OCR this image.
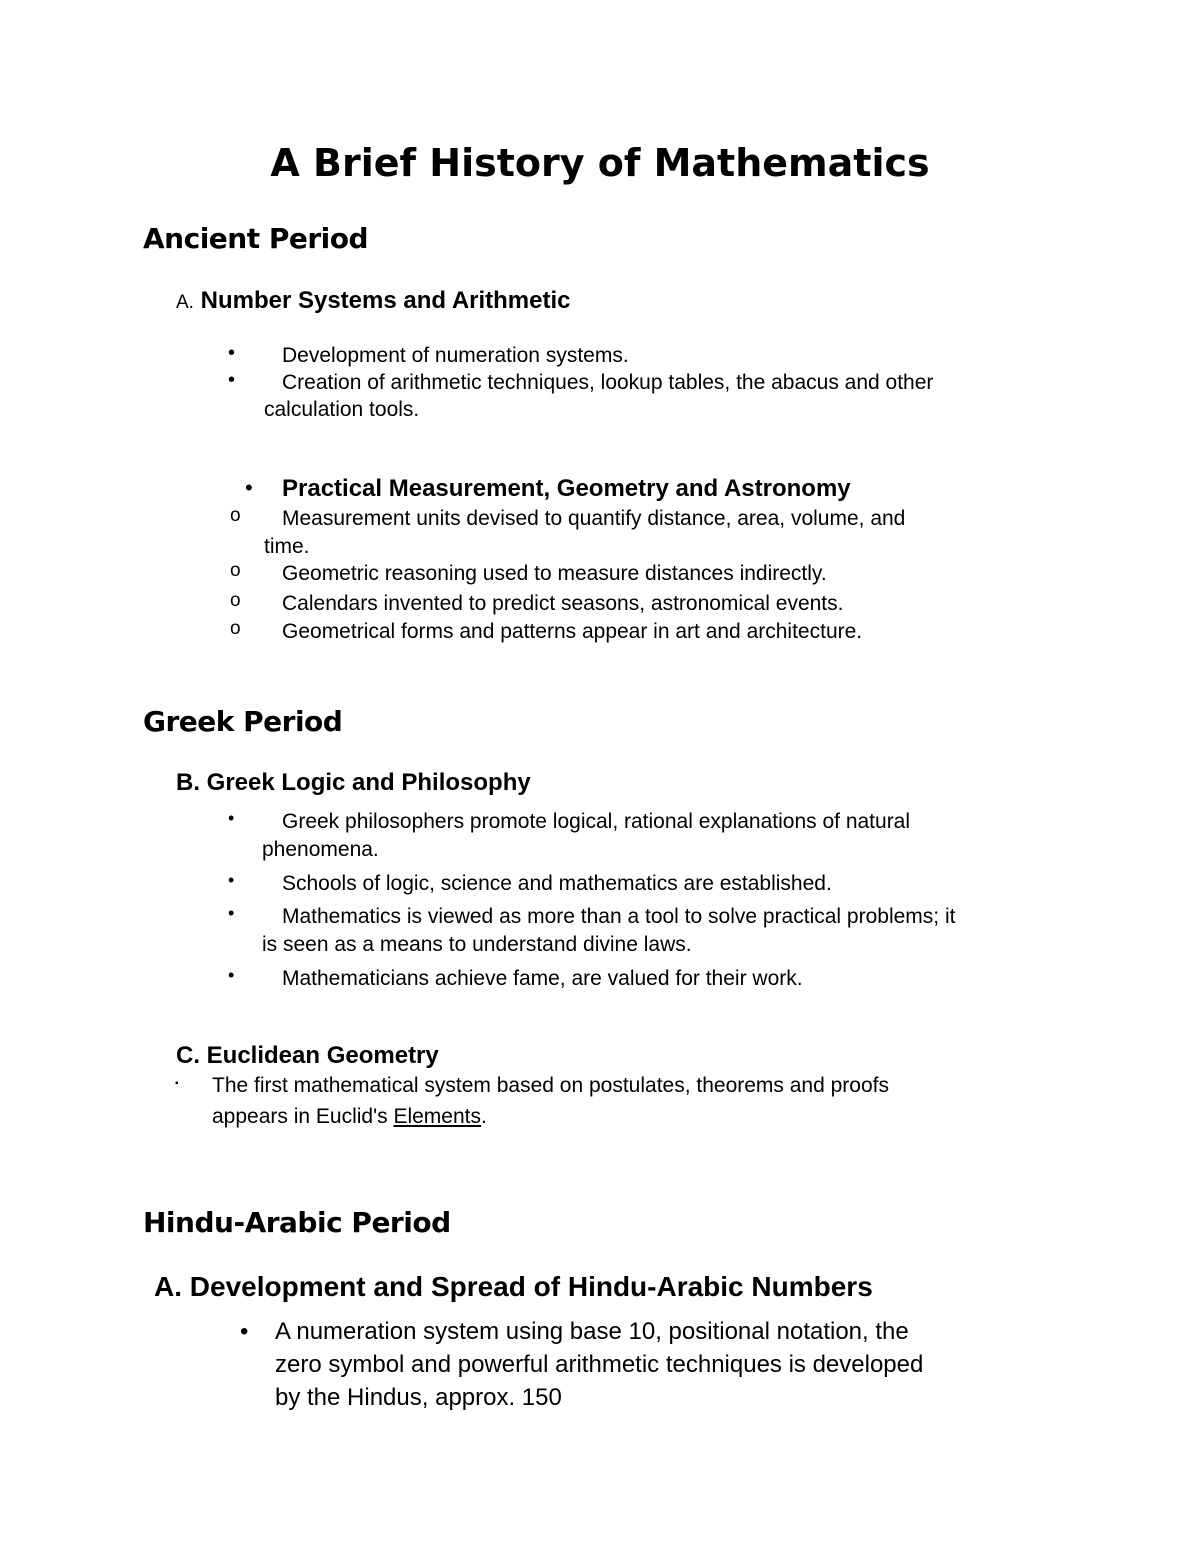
A Brief History of Mathematics
Ancient Period
A. Number Systems and Arithmetic
• Development of numeration systems.
• Creation of arithmetic techniques, lookup tables, the abacus and other
calculation tools.
• Practical Measurement, Geometry and Astronomy
o Measurement units devised to quantify distance, area, volume, and
time.
o Geometric reasoning used to measure distances indirectly.
o Calendars invented to predict seasons, astronomical events.
o Geometrical forms and patterns appear in art and architecture.
Greek Period
B. Greek Logic and Philosophy
• Greek philosophers promote logical, rational explanations of natural
phenomena.
• Schools of logic, science and mathematics are established.
• Mathematics is viewed as more than a tool to solve practical problems; it
is seen as a means to understand divine laws.
• Mathematicians achieve fame, are valued for their work.
C. Euclidean Geometry
▪ The first mathematical system based on postulates, theorems and proofs
appears in Euclid's Elements.
Hindu-Arabic Period
A. Development and Spread of Hindu-Arabic Numbers
• A numeration system using base 10, positional notation, the
zero symbol and powerful arithmetic techniques is developed
by the Hindus, approx. 150
